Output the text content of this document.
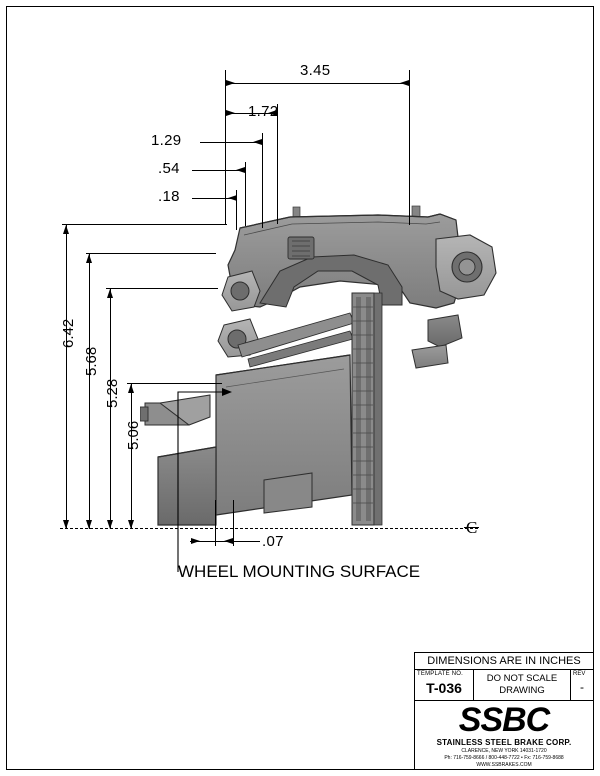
3.45
1.72
1.29
.54
.18
.07
6.42
5.68
5.28
5.06
WHEEL MOUNTING SURFACE
DIMENSIONS ARE IN INCHES
TEMPLATE NO.
T-036
DO NOT SCALE
DRAWING
REV
-
SSBC
STAINLESS STEEL BRAKE CORP.
CLARENCE, NEW YORK 14031-1720
Ph: 716-759-8666 / 800-448-7722 • Fx: 716-759-8688
WWW.SSBRAKES.COM
